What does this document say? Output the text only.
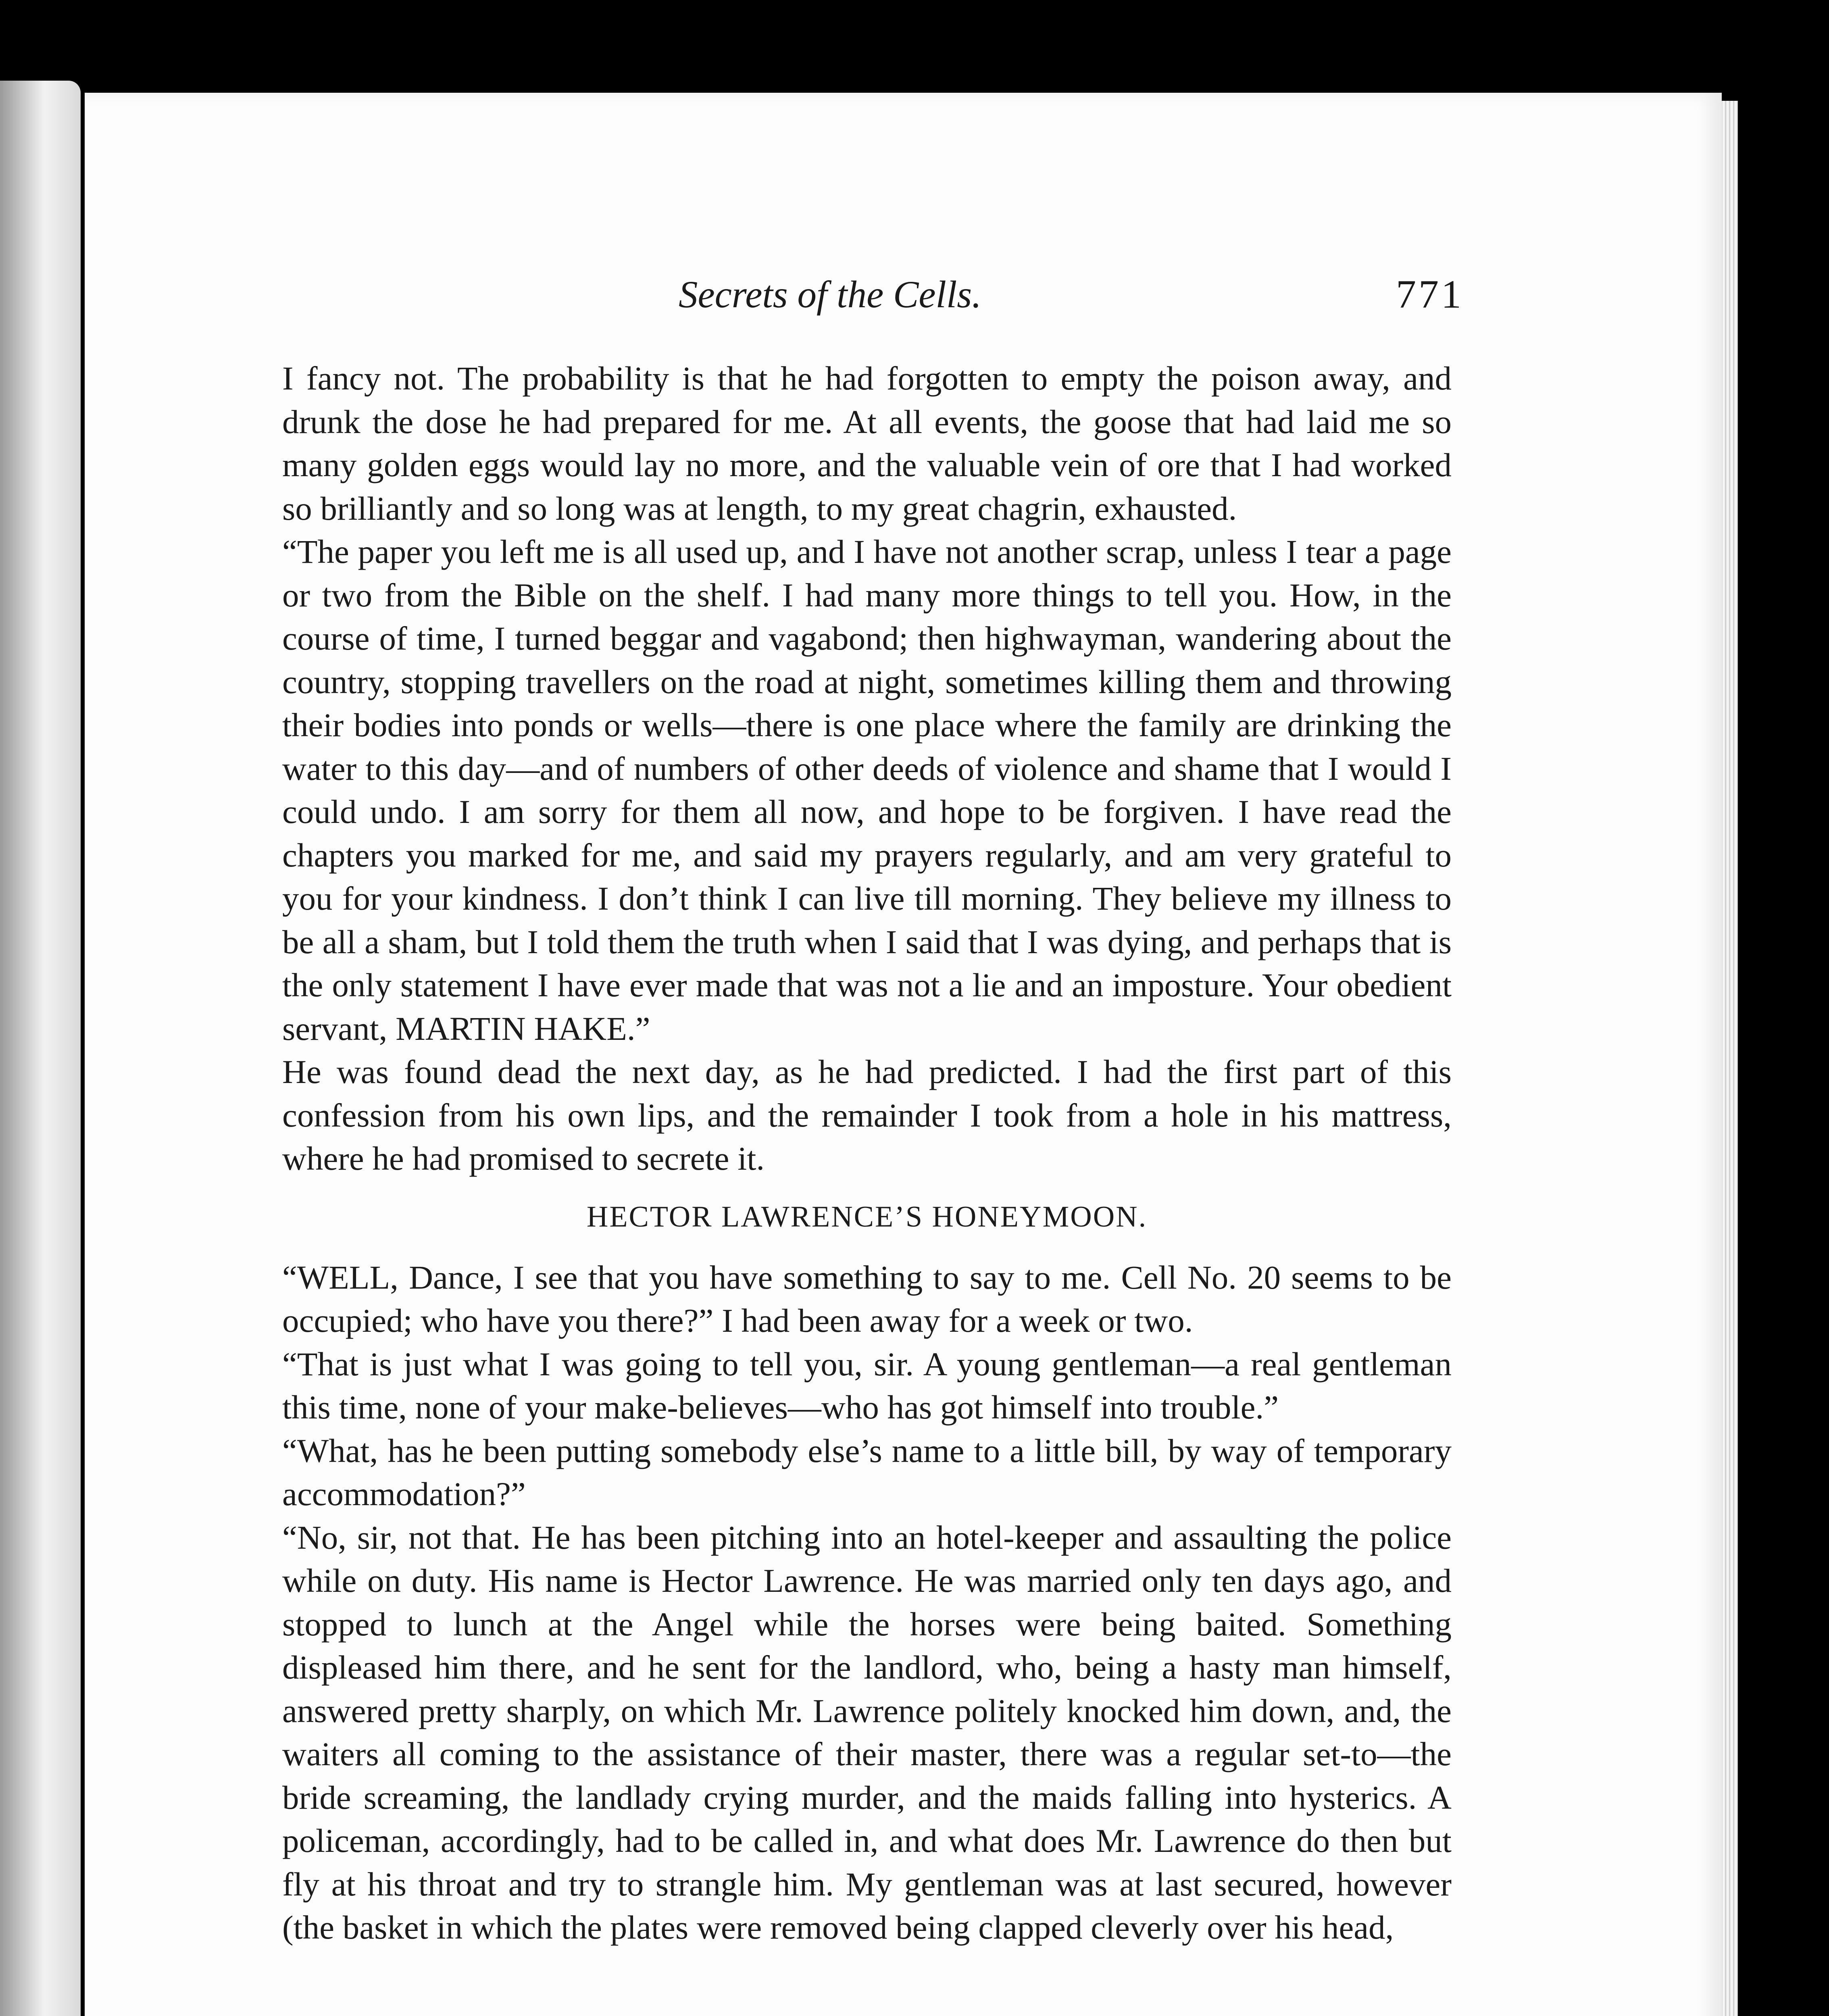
Secrets of the Cells.	771

I fancy not. The probability is that he had forgotten to empty the poison away, and drunk the dose he had prepared for me. At all events, the goose that had laid me so many golden eggs would lay no more, and the valuable vein of ore that I had worked so brilliantly and so long was at length, to my great chagrin, exhausted.

“The paper you left me is all used up, and I have not another scrap, unless I tear a page or two from the Bible on the shelf. I had many more things to tell you. How, in the course of time, I turned beggar and vagabond; then highwayman, wandering about the country, stopping travellers on the road at night, sometimes killing them and throwing their bodies into ponds or wells—there is one place where the family are drinking the water to this day—and of numbers of other deeds of violence and shame that I would I could undo. I am sorry for them all now, and hope to be forgiven. I have read the chapters you marked for me, and said my prayers regularly, and am very grateful to you for your kindness. I don’t think I can live till morning. They believe my illness to be all a sham, but I told them the truth when I said that I was dying, and perhaps that is the only statement I have ever made that was not a lie and an imposture. Your obedient servant, MARTIN HAKE.”

He was found dead the next day, as he had predicted. I had the first part of this confession from his own lips, and the remainder I took from a hole in his mattress, where he had promised to secrete it.

HECTOR LAWRENCE’S HONEYMOON.

“WELL, Dance, I see that you have something to say to me. Cell No. 20 seems to be occupied; who have you there?” I had been away for a week or two.

“That is just what I was going to tell you, sir. A young gentleman—a real gentleman this time, none of your make-believes—who has got himself into trouble.”

“What, has he been putting somebody else’s name to a little bill, by way of temporary accommodation?”

“No, sir, not that. He has been pitching into an hotel-keeper and assaulting the police while on duty. His name is Hector Lawrence. He was married only ten days ago, and stopped to lunch at the Angel while the horses were being baited. Something displeased him there, and he sent for the landlord, who, being a hasty man himself, answered pretty sharply, on which Mr. Lawrence politely knocked him down, and, the waiters all coming to the assistance of their master, there was a regular set-to—the bride screaming, the landlady crying murder, and the maids falling into hysterics. A policeman, accordingly, had to be called in, and what does Mr. Lawrence do then but fly at his throat and try to strangle him. My gentleman was at last secured, however (the basket in which the plates were removed being clapped cleverly over his head,
